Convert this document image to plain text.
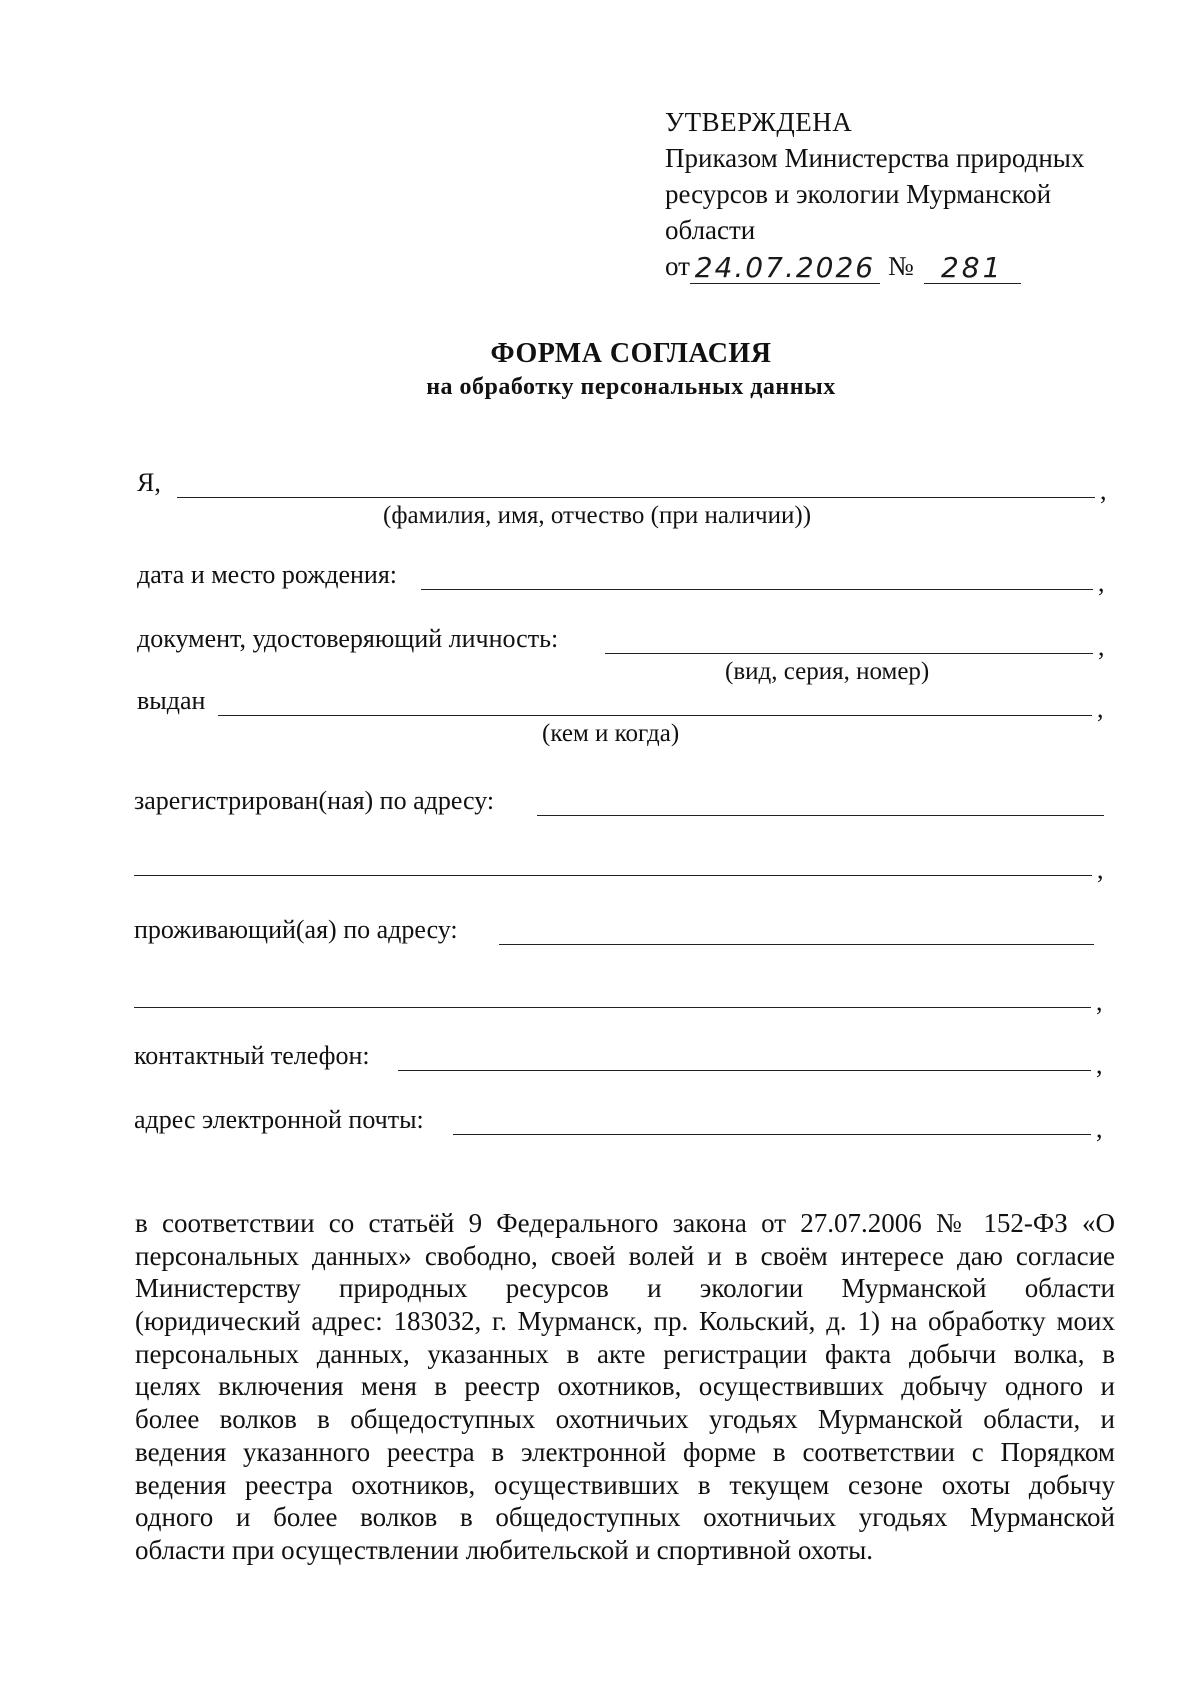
УТВЕРЖДЕНА
Приказом Министерства природных
ресурсов и экологии Мурманской
области
от 24.07.2026 № 281
ФОРМА СОГЛАСИЯ
на обработку персональных данных
Я,	,
(фамилия, имя, отчество (при наличии))
дата и место рождения:	,
документ, удостоверяющий личность:	,
(вид, серия, номер)
выдан	,
(кем и когда)
зарегистрирован(ная) по адресу:
,
проживающий(ая) по адресу:
,
контактный телефон:	,
адрес электронной почты:	,
в соответствии со статьёй 9 Федерального закона от 27.07.2006 № 152-ФЗ «О
персональных данных» свободно, своей волей и в своём интересе даю согласие
Министерству природных ресурсов и экологии Мурманской области
(юридический адрес: 183032, г. Мурманск, пр. Кольский, д. 1) на обработку моих
персональных данных, указанных в акте регистрации факта добычи волка, в
целях включения меня в реестр охотников, осуществивших добычу одного и
более волков в общедоступных охотничьих угодьях Мурманской области, и
ведения указанного реестра в электронной форме в соответствии с Порядком
ведения реестра охотников, осуществивших в текущем сезоне охоты добычу
одного и более волков в общедоступных охотничьих угодьях Мурманской
области при осуществлении любительской и спортивной охоты.
